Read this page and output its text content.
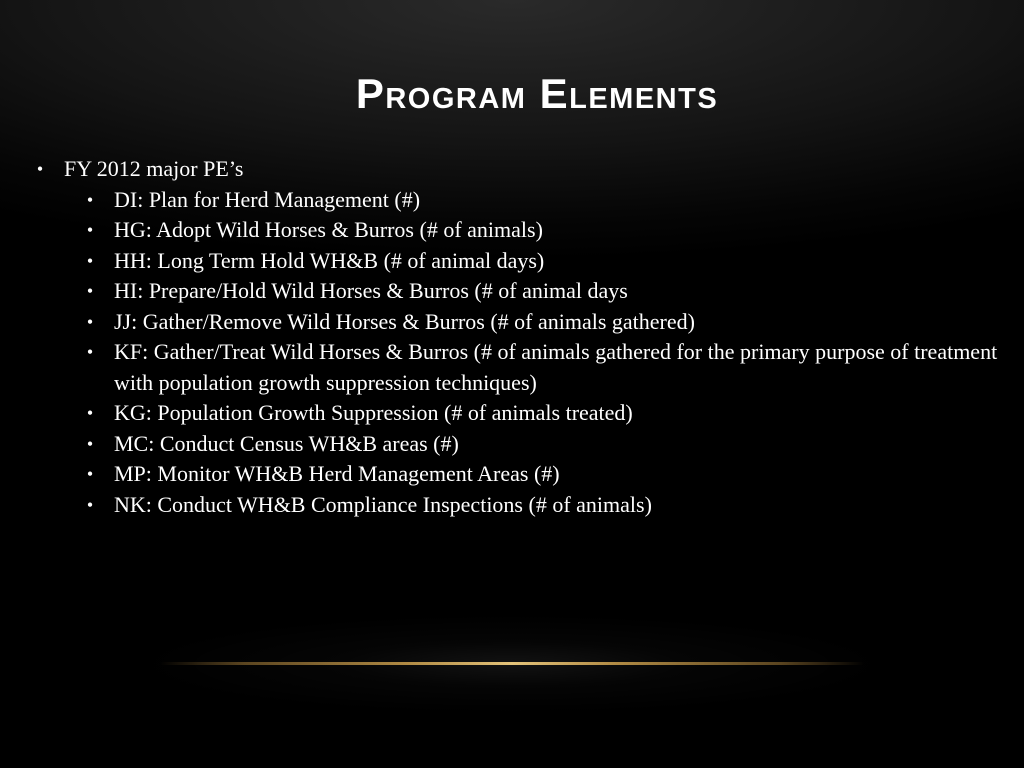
Program Elements
• FY 2012 major PE’s
• DI: Plan for Herd Management (#)
• HG: Adopt Wild Horses & Burros (# of animals)
• HH: Long Term Hold WH&B (# of animal days)
• HI: Prepare/Hold Wild Horses & Burros (# of animal days
• JJ: Gather/Remove Wild Horses & Burros (# of animals gathered)
• KF: Gather/Treat Wild Horses & Burros (# of animals gathered for the primary purpose of treatment with population growth suppression techniques)
• KG: Population Growth Suppression (# of animals treated)
• MC: Conduct Census WH&B areas (#)
• MP: Monitor WH&B Herd Management Areas (#)
• NK: Conduct WH&B Compliance Inspections (# of animals)
